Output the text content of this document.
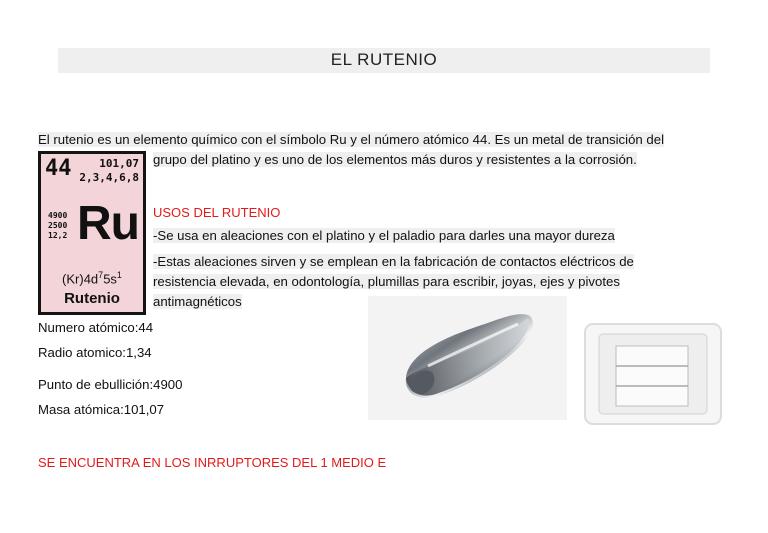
EL RUTENIO
El rutenio es un elemento químico con el símbolo Ru y el número atómico 44. Es un metal de transición del
grupo del platino y es uno de los elementos más duros y resistentes a la corrosión.
44	101,07
2,3,4,6,8
4900
2500
12,2 Ru
$(Kr)4d^75s^1$
Rutenio
USOS DEL RUTENIO
-Se usa en aleaciones con el platino y el paladio para darles una mayor dureza
-Estas aleaciones sirven y se emplean en la fabricación de contactos eléctricos de
resistencia elevada, en odontología, plumillas para escribir, joyas, ejes y pivotes
antimagnéticos
Numero atómico:44
Radio atomico:1,34
Punto de ebullición:4900
Masa atómica:101,07
SE ENCUENTRA EN LOS INRRUPTORES DEL 1 MEDIO E
